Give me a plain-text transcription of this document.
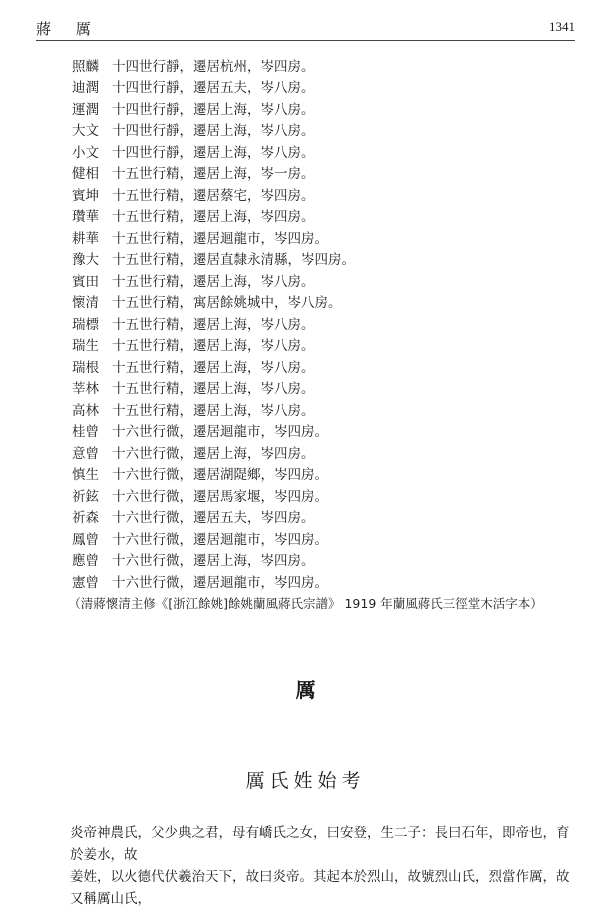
蔣 厲	1341
照麟 十四世行靜，遷居杭州，岑四房。
迪潤 十四世行靜，遷居五夫，岑八房。
運潤 十四世行靜，遷居上海，岑八房。
大文 十四世行靜，遷居上海，岑八房。
小文 十四世行靜，遷居上海，岑八房。
健相 十五世行精，遷居上海，岑一房。
賓坤 十五世行精，遷居蔡宅，岑四房。
瓚華 十五世行精，遷居上海，岑四房。
耕華 十五世行精，遷居迴龍市，岑四房。
豫大 十五世行精，遷居直隸永清縣，岑四房。
賓田 十五世行精，遷居上海，岑八房。
懷清 十五世行精，寓居餘姚城中，岑八房。
瑞標 十五世行精，遷居上海，岑八房。
瑞生 十五世行精，遷居上海，岑八房。
瑞根 十五世行精，遷居上海，岑八房。
莘林 十五世行精，遷居上海，岑八房。
高林 十五世行精，遷居上海，岑八房。
桂曾 十六世行微，遷居迴龍市，岑四房。
意曾 十六世行微，遷居上海，岑四房。
慎生 十六世行微，遷居湖隄鄉，岑四房。
祈鉉 十六世行微，遷居馬家堰，岑四房。
祈森 十六世行微，遷居五夫，岑四房。
鳳曾 十六世行微，遷居迴龍市，岑四房。
應曾 十六世行微，遷居上海，岑四房。
憲曾 十六世行微，遷居迴龍市，岑四房。
（清蔣懷清主修《[浙江餘姚]餘姚蘭風蔣氏宗譜》 1919 年蘭風蔣氏三徑堂木活字本）
厲
厲氏姓始考

炎帝神農氏，父少典之君，母有嶠氏之女，曰安登，生二子：長曰石年，即帝也，育於姜水，故

姜姓，以火德代伏羲治天下，故曰炎帝。其起本於烈山，故號烈山氏，烈當作厲，故又稱厲山氏，
